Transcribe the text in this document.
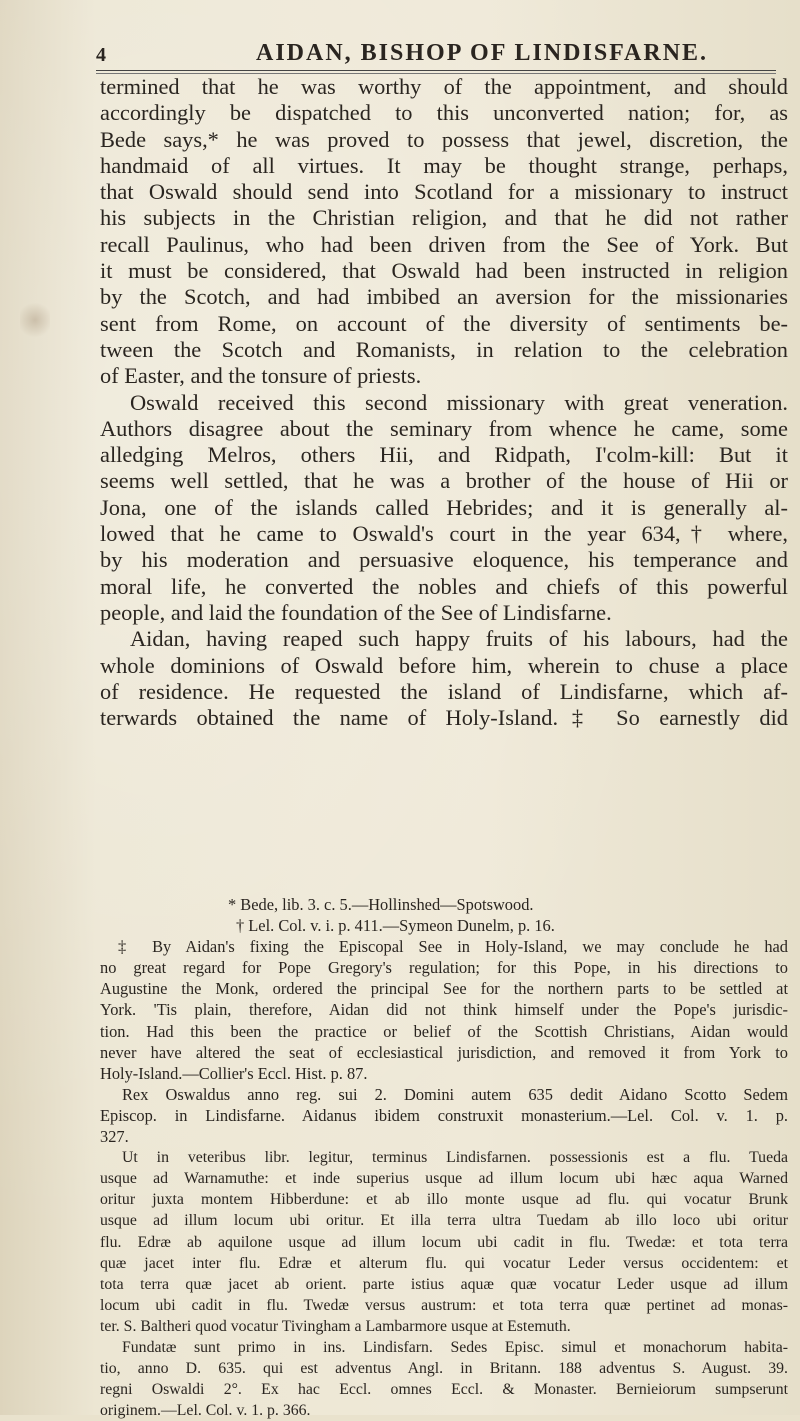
4	AIDAN, BISHOP OF LINDISFARNE.
termined that he was worthy of the appointment, and should
accordingly be dispatched to this unconverted nation; for, as
Bede says,* he was proved to possess that jewel, discretion, the
handmaid of all virtues. It may be thought strange, perhaps,
that Oswald should send into Scotland for a missionary to instruct
his subjects in the Christian religion, and that he did not rather
recall Paulinus, who had been driven from the See of York. But
it must be considered, that Oswald had been instructed in religion
by the Scotch, and had imbibed an aversion for the missionaries
sent from Rome, on account of the diversity of sentiments be-
tween the Scotch and Romanists, in relation to the celebration
of Easter, and the tonsure of priests.
Oswald received this second missionary with great veneration.
Authors disagree about the seminary from whence he came, some
alledging Melros, others Hii, and Ridpath, I'colm-kill: But it
seems well settled, that he was a brother of the house of Hii or
Jona, one of the islands called Hebrides; and it is generally al-
lowed that he came to Oswald's court in the year 634,† where,
by his moderation and persuasive eloquence, his temperance and
moral life, he converted the nobles and chiefs of this powerful
people, and laid the foundation of the See of Lindisfarne.
Aidan, having reaped such happy fruits of his labours, had the
whole dominions of Oswald before him, wherein to chuse a place
of residence. He requested the island of Lindisfarne, which af-
terwards obtained the name of Holy-Island.‡ So earnestly did
* Bede, lib. 3. c. 5.—Hollinshed—Spotswood.
† Lel. Col. v. i. p. 411.—Symeon Dunelm, p. 16.
‡ By Aidan's fixing the Episcopal See in Holy-Island, we may conclude he had
no great regard for Pope Gregory's regulation; for this Pope, in his directions to
Augustine the Monk, ordered the principal See for the northern parts to be settled at
York. 'Tis plain, therefore, Aidan did not think himself under the Pope's jurisdic-
tion. Had this been the practice or belief of the Scottish Christians, Aidan would
never have altered the seat of ecclesiastical jurisdiction, and removed it from York to
Holy-Island.—Collier's Eccl. Hist. p. 87.
Rex Oswaldus anno reg. sui 2. Domini autem 635 dedit Aidano Scotto Sedem
Episcop. in Lindisfarne. Aidanus ibidem construxit monasterium.—Lel. Col. v. 1. p.
327.
Ut in veteribus libr. legitur, terminus Lindisfarnen. possessionis est a flu. Tueda
usque ad Warnamuthe: et inde superius usque ad illum locum ubi hæc aqua Warned
oritur juxta montem Hibberdune: et ab illo monte usque ad flu. qui vocatur Brunk
usque ad illum locum ubi oritur. Et illa terra ultra Tuedam ab illo loco ubi oritur
flu. Edræ ab aquilone usque ad illum locum ubi cadit in flu. Twedæ: et tota terra
quæ jacet inter flu. Edræ et alterum flu. qui vocatur Leder versus occidentem: et
tota terra quæ jacet ab orient. parte istius aquæ quæ vocatur Leder usque ad illum
locum ubi cadit in flu. Twedæ versus austrum: et tota terra quæ pertinet ad monas-
ter. S. Baltheri quod vocatur Tivingham a Lambarmore usque at Estemuth.
Fundatæ sunt primo in ins. Lindisfarn. Sedes Episc. simul et monachorum habita-
tio, anno D. 635. qui est adventus Angl. in Britann. 188 adventus S. August. 39.
regni Oswaldi 2°. Ex hac Eccl. omnes Eccl. & Monaster. Bernieiorum sumpserunt
originem.—Lel. Col. v. 1. p. 366.
